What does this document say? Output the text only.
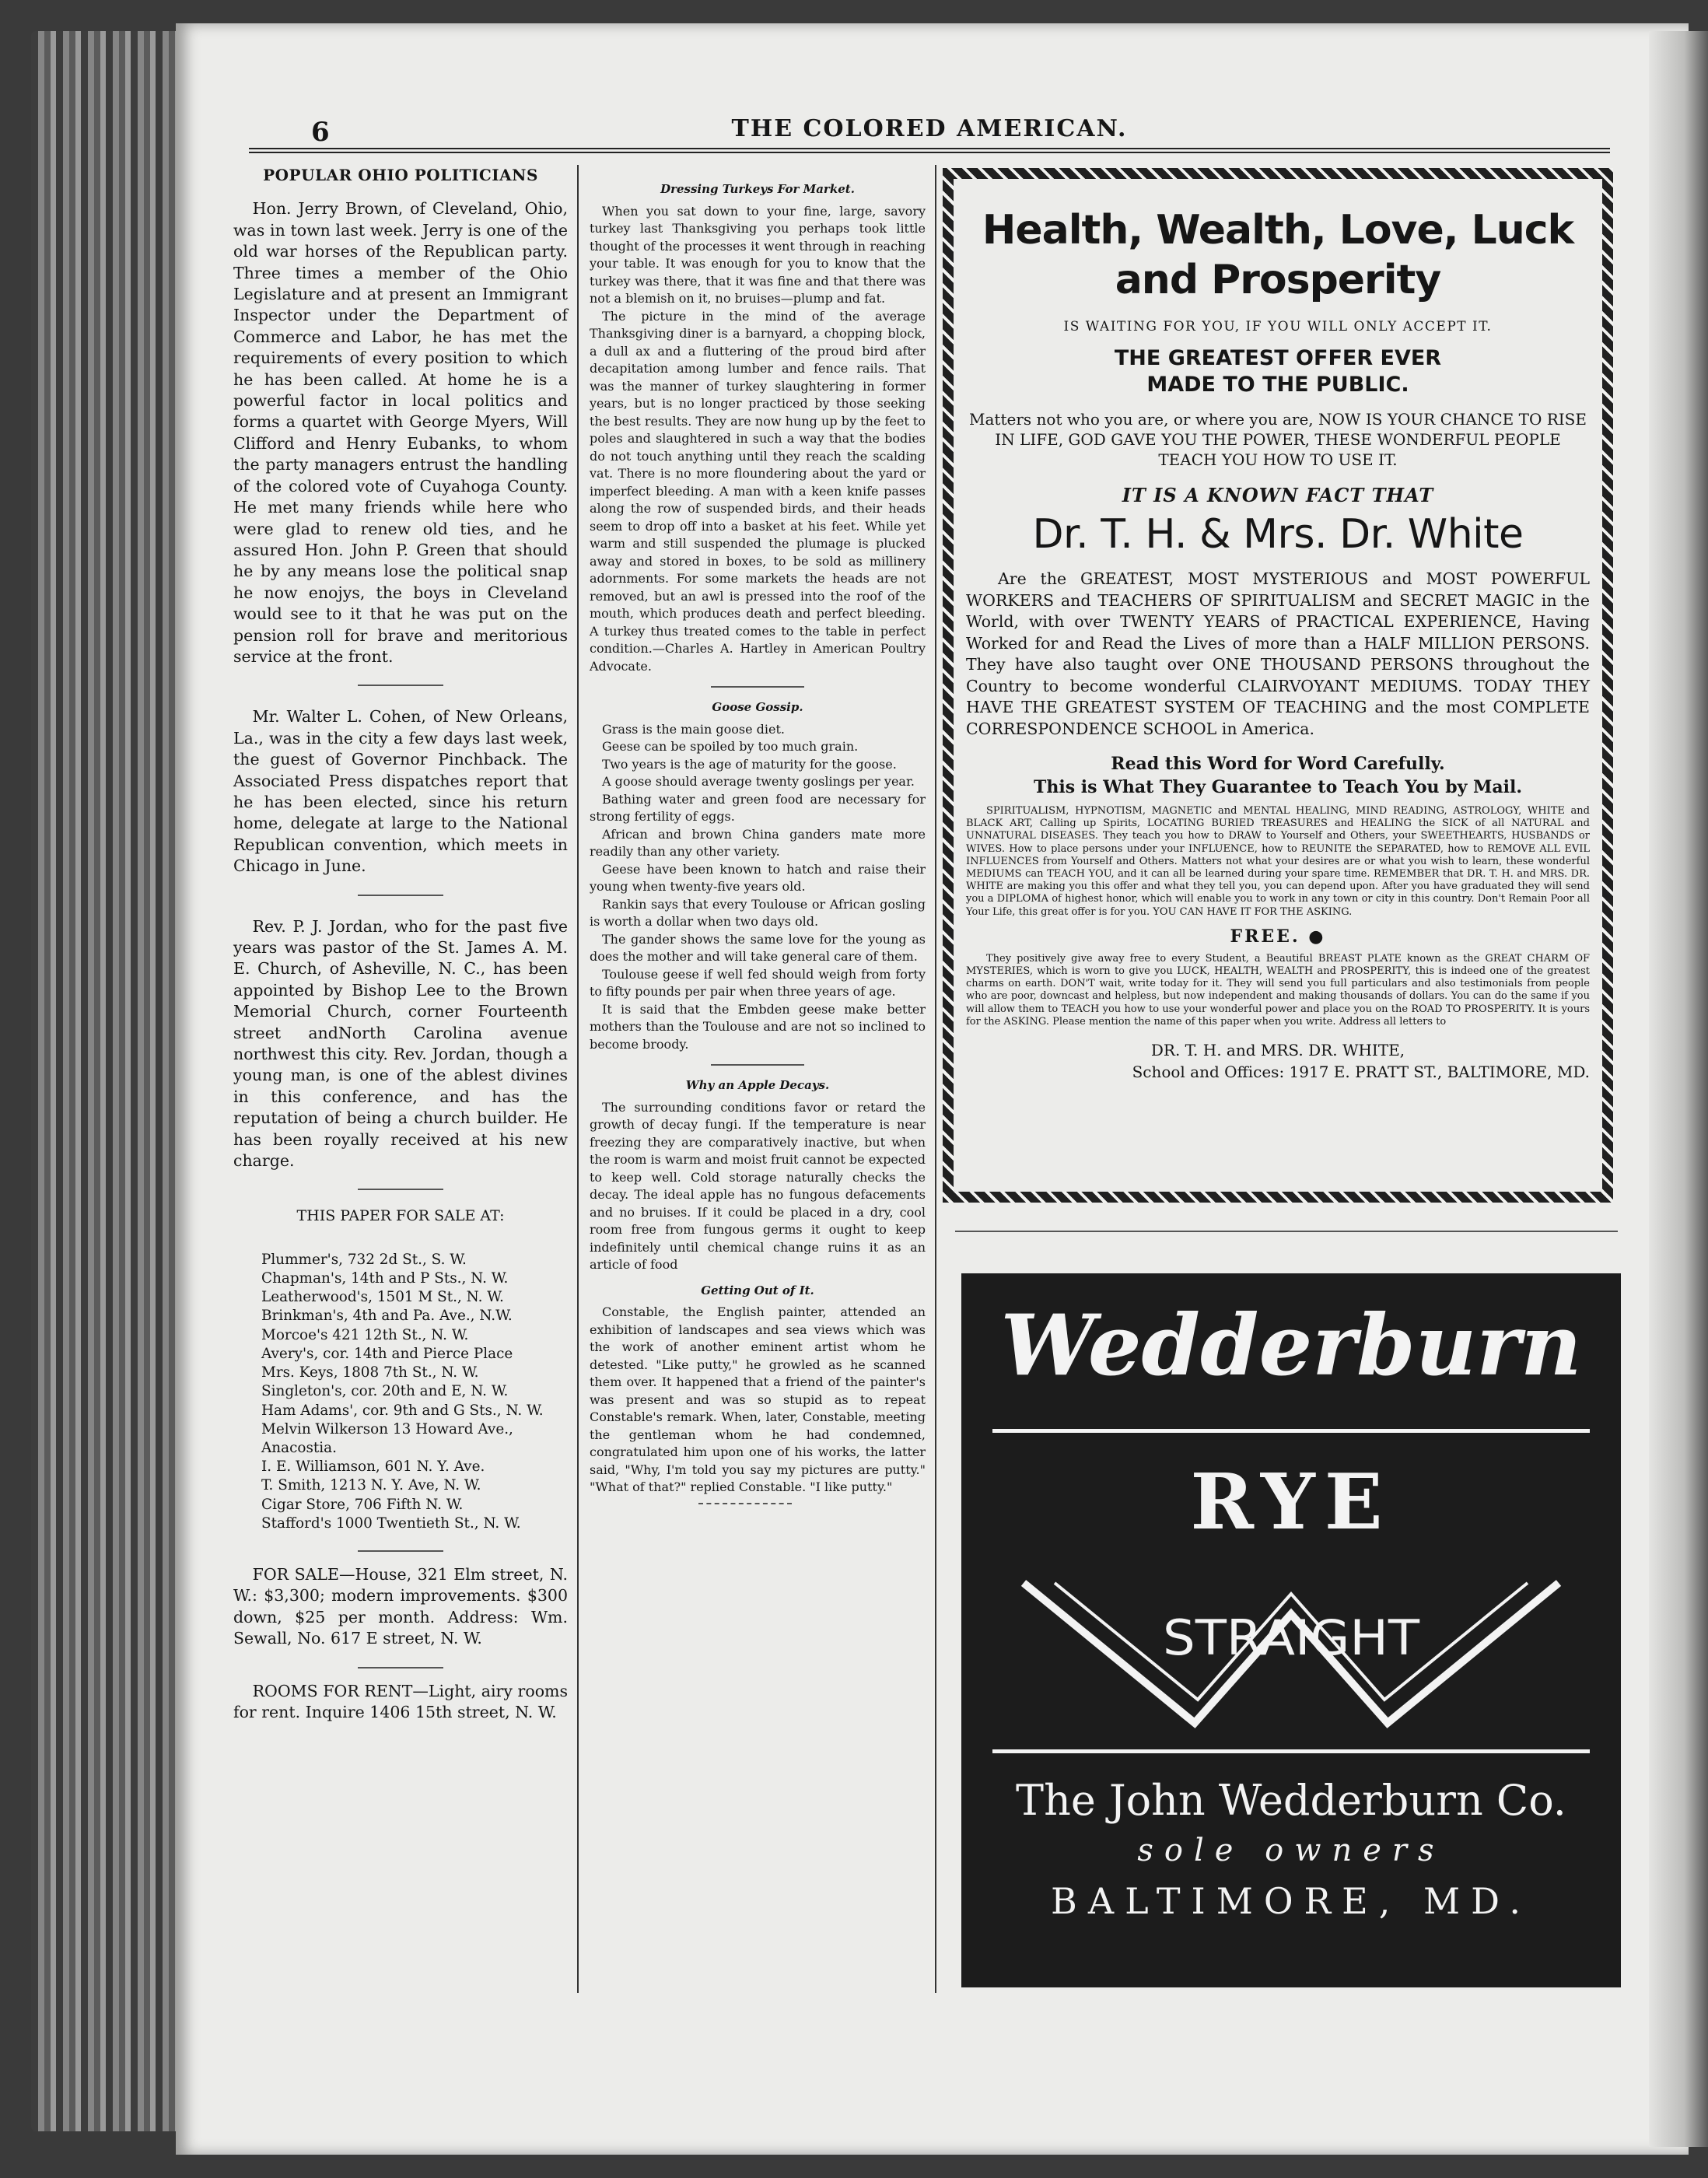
6	THE COLORED AMERICAN.
POPULAR OHIO POLITICIANS

Hon. Jerry Brown, of Cleveland, Ohio, was in town last week. Jerry is one of the old war horses of the Republican party. Three times a member of the Ohio Legislature and at present an Immigrant Inspector under the Department of Commerce and Labor, he has met the requirements of every position to which he has been called. At home he is a powerful factor in local politics and forms a quartet with George Myers, Will Clifford and Henry Eubanks, to whom the party managers entrust the handling of the colored vote of Cuyahoga County. He met many friends while here who were glad to renew old ties, and he assured Hon. John P. Green that should he by any means lose the political snap he now enojys, the boys in Cleveland would see to it that he was put on the pension roll for brave and meritorious service at the front.

Mr. Walter L. Cohen, of New Orleans, La., was in the city a few days last week, the guest of Governor Pinchback. The Associated Press dispatches report that he has been elected, since his return home, delegate at large to the National Republican convention, which meets in Chicago in June.

Rev. P. J. Jordan, who for the past five years was pastor of the St. James A. M. E. Church, of Asheville, N. C., has been appointed by Bishop Lee to the Brown Memorial Church, corner Fourteenth street andNorth Carolina avenue northwest this city. Rev. Jordan, though a young man, is one of the ablest divines in this conference, and has the reputation of being a church builder. He has been royally received at his new charge.

THIS PAPER FOR SALE AT:
Plummer's, 732 2d St., S. W.
Chapman's, 14th and P Sts., N. W.
Leatherwood's, 1501 M St., N. W.
Brinkman's, 4th and Pa. Ave., N.W.
Morcoe's 421 12th St., N. W.
Avery's, cor. 14th and Pierce Place
Mrs. Keys, 1808 7th St., N. W.
Singleton's, cor. 20th and E, N. W.
Ham Adams', cor. 9th and G Sts., N. W.
Melvin Wilkerson 13 Howard Ave., Anacostia.
I. E. Williamson, 601 N. Y. Ave.
T. Smith, 1213 N. Y. Ave, N. W.
Cigar Store, 706 Fifth N. W.
Stafford's 1000 Twentieth St., N. W.

FOR SALE—House, 321 Elm street, N. W.: $3,300; modern improvements. $300 down, $25 per month. Address: Wm. Sewall, No. 617 E street, N. W.

ROOMS FOR RENT—Light, airy rooms for rent. Inquire 1406 15th street, N. W.

Dressing Turkeys For Market.

When you sat down to your fine, large, savory turkey last Thanksgiving you perhaps took little thought of the processes it went through in reaching your table. It was enough for you to know that the turkey was there, that it was fine and that there was not a blemish on it, no bruises—plump and fat.

The picture in the mind of the average Thanksgiving diner is a barnyard, a chopping block, a dull ax and a fluttering of the proud bird after decapitation among lumber and fence rails. That was the manner of turkey slaughtering in former years, but is no longer practiced by those seeking the best results. They are now hung up by the feet to poles and slaughtered in such a way that the bodies do not touch anything until they reach the scalding vat. There is no more floundering about the yard or imperfect bleeding. A man with a keen knife passes along the row of suspended birds, and their heads seem to drop off into a basket at his feet. While yet warm and still suspended the plumage is plucked away and stored in boxes, to be sold as millinery adornments. For some markets the heads are not removed, but an awl is pressed into the roof of the mouth, which produces death and perfect bleeding. A turkey thus treated comes to the table in perfect condition.—Charles A. Hartley in American Poultry Advocate.

Goose Gossip.

Grass is the main goose diet.

Geese can be spoiled by too much grain.

Two years is the age of maturity for the goose.

A goose should average twenty goslings per year.

Bathing water and green food are necessary for strong fertility of eggs.

African and brown China ganders mate more readily than any other variety.

Geese have been known to hatch and raise their young when twenty-five years old.

Rankin says that every Toulouse or African gosling is worth a dollar when two days old.

The gander shows the same love for the young as does the mother and will take general care of them.

Toulouse geese if well fed should weigh from forty to fifty pounds per pair when three years of age.

It is said that the Embden geese make better mothers than the Toulouse and are not so inclined to become broody.

Why an Apple Decays.

The surrounding conditions favor or retard the growth of decay fungi. If the temperature is near freezing they are comparatively inactive, but when the room is warm and moist fruit cannot be expected to keep well. Cold storage naturally checks the decay. The ideal apple has no fungous defacements and no bruises. If it could be placed in a dry, cool room free from fungous germs it ought to keep indefinitely until chemical change ruins it as an article of food

Getting Out of It.

Constable, the English painter, attended an exhibition of landscapes and sea views which was the work of another eminent artist whom he detested. "Like putty," he growled as he scanned them over. It happened that a friend of the painter's was present and was so stupid as to repeat Constable's remark. When, later, Constable, meeting the gentleman whom he had condemned, congratulated him upon one of his works, the latter said, "Why, I'm told you say my pictures are putty." "What of that?" replied Constable. "I like putty."

Health, Wealth, Love, Luck
and Prosperity

IS WAITING FOR YOU, IF YOU WILL ONLY ACCEPT IT.

THE GREATEST OFFER EVER
MADE TO THE PUBLIC.

Matters not who you are, or where you are, NOW IS YOUR CHANCE TO RISE IN LIFE, GOD GAVE YOU THE POWER, THESE WONDERFUL PEOPLE TEACH YOU HOW TO USE IT.

IT IS A KNOWN FACT THAT

Dr. T. H. & Mrs. Dr. White

Are the GREATEST, MOST MYSTERIOUS and MOST POWERFUL WORKERS and TEACHERS OF SPIRITUALISM and SECRET MAGIC in the World, with over TWENTY YEARS of PRACTICAL EXPERIENCE, Having Worked for and Read the Lives of more than a HALF MILLION PERSONS. They have also taught over ONE THOUSAND PERSONS throughout the Country to become wonderful CLAIRVOYANT MEDIUMS. TODAY THEY HAVE THE GREATEST SYSTEM OF TEACHING and the most COMPLETE CORRESPONDENCE SCHOOL in America.

Read this Word for Word Carefully.
This is What They Guarantee to Teach You by Mail.

SPIRITUALISM, HYPNOTISM, MAGNETIC and MENTAL HEALING, MIND READING, ASTROLOGY, WHITE and BLACK ART, Calling up Spirits, LOCATING BURIED TREASURES and HEALING the SICK of all NATURAL and UNNATURAL DISEASES. They teach you how to DRAW to Yourself and Others, your SWEETHEARTS, HUSBANDS or WIVES. How to place persons under your INFLUENCE, how to REUNITE the SEPARATED, how to REMOVE ALL EVIL INFLUENCES from Yourself and Others. Matters not what your desires are or what you wish to learn, these wonderful MEDIUMS can TEACH YOU, and it can all be learned during your spare time. REMEMBER that DR. T. H. and MRS. DR. WHITE are making you this offer and what they tell you, you can depend upon. After you have graduated they will send you a DIPLOMA of highest honor, which will enable you to work in any town or city in this country. Don't Remain Poor all Your Life, this great offer is for you. YOU CAN HAVE IT FOR THE ASKING.

FREE. ●

They positively give away free to every Student, a Beautiful BREAST PLATE known as the GREAT CHARM OF MYSTERIES, which is worn to give you LUCK, HEALTH, WEALTH and PROSPERITY, this is indeed one of the greatest charms on earth. DON'T wait, write today for it. They will send you full particulars and also testimonials from people who are poor, downcast and helpless, but now independent and making thousands of dollars. You can do the same if you will allow them to TEACH you how to use your wonderful power and place you on the ROAD TO PROSPERITY. It is yours for the ASKING. Please mention the name of this paper when you write. Address all letters to

DR. T. H. and MRS. DR. WHITE,

School and Offices: 1917 E. PRATT ST., BALTIMORE, MD.
Wedderburn
RYE
STRAIGHT
The John Wedderburn Co.
sole owners
BALTIMORE, MD.
